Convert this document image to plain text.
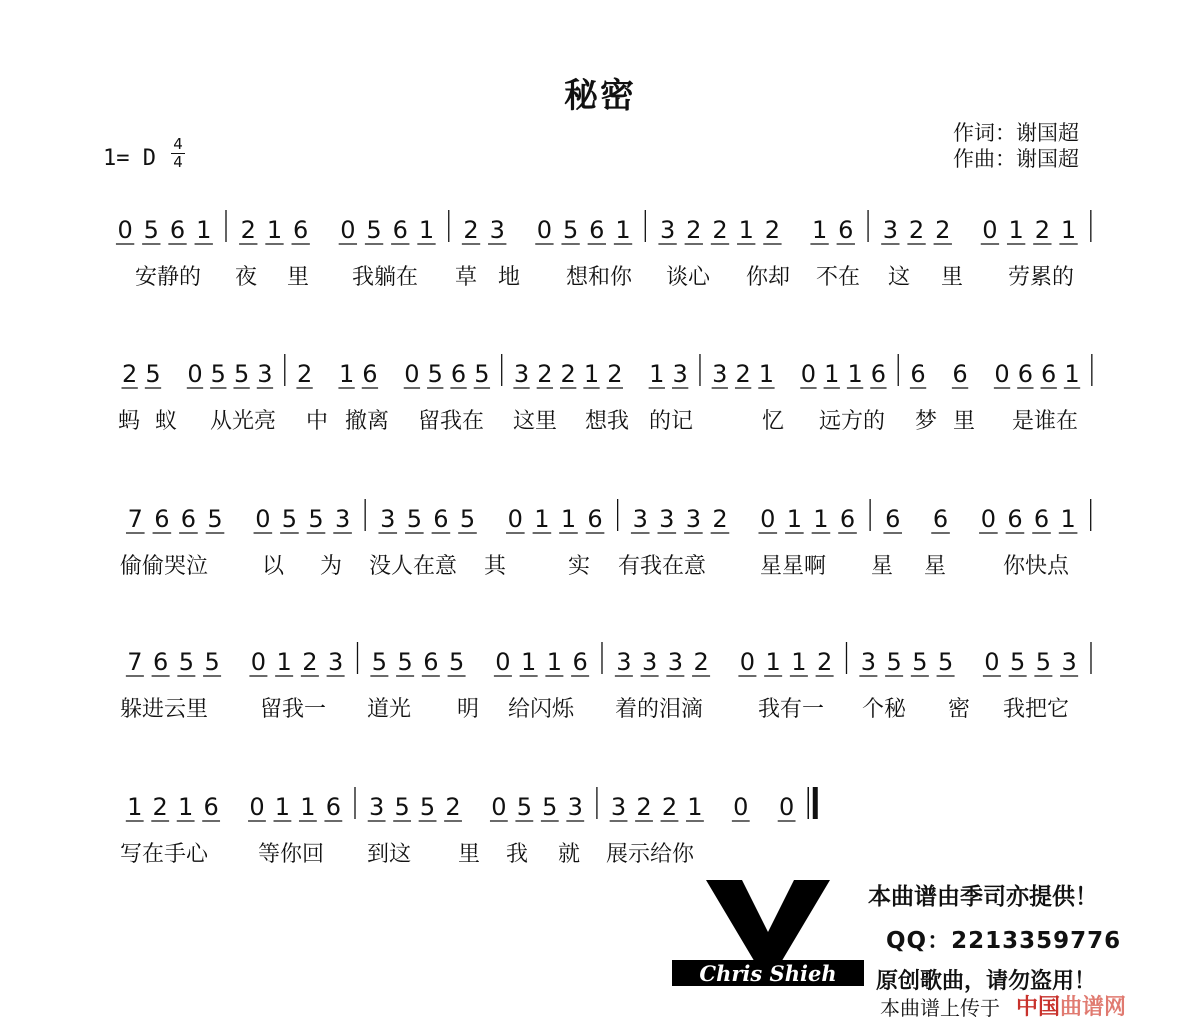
秘密
1= D
4
4
作词：谢国超
作曲：谢国超
0 5 6 1 2 1 6 0 5 6 1 2 3 0 5 6 1 3 2 2 1 2 1 6 3 2 2 0 1 2 1
2 5 0 5 5 3 2 1 6 0 5 6 5 3 2 2 1 2 1 3 3 2 1 0 1 1 6 6 6 0 6 6 1
7 6 6 5 0 5 5 3 3 5 6 5 0 1 1 6 3 3 3 2 0 1 1 6 6 6 0 6 6 1
7 6 5 5 0 1 2 3 5 5 6 5 0 1 1 6 3 3 3 2 0 1 1 2 3 5 5 5 0 5 5 3
1 2 1 6 0 1 1 6 3 5 5 2 0 5 5 3 3 2 2 1 0 0
安静的 夜 里 我躺在 草 地 想和你 谈心 你却 不在 这 里 劳累的
蚂 蚁 从光亮 中 撤离 留我在 这里 想我 的记	忆 远方的 梦 里 是谁在
偷偷哭泣 以 为 没人在意 其	实 有我在意 星星啊 星 星	你快点
躲进云里 留我一 道光 明 给闪烁 着的泪滴 我有一 个秘 密 我把它
写在手心 等你回 到这 里 我 就 展示给你
Chris Shieh
本曲谱由季司亦提供！
QQ：2213359776
原创歌曲，请勿盗用！
本曲谱上传于 中国曲谱网
